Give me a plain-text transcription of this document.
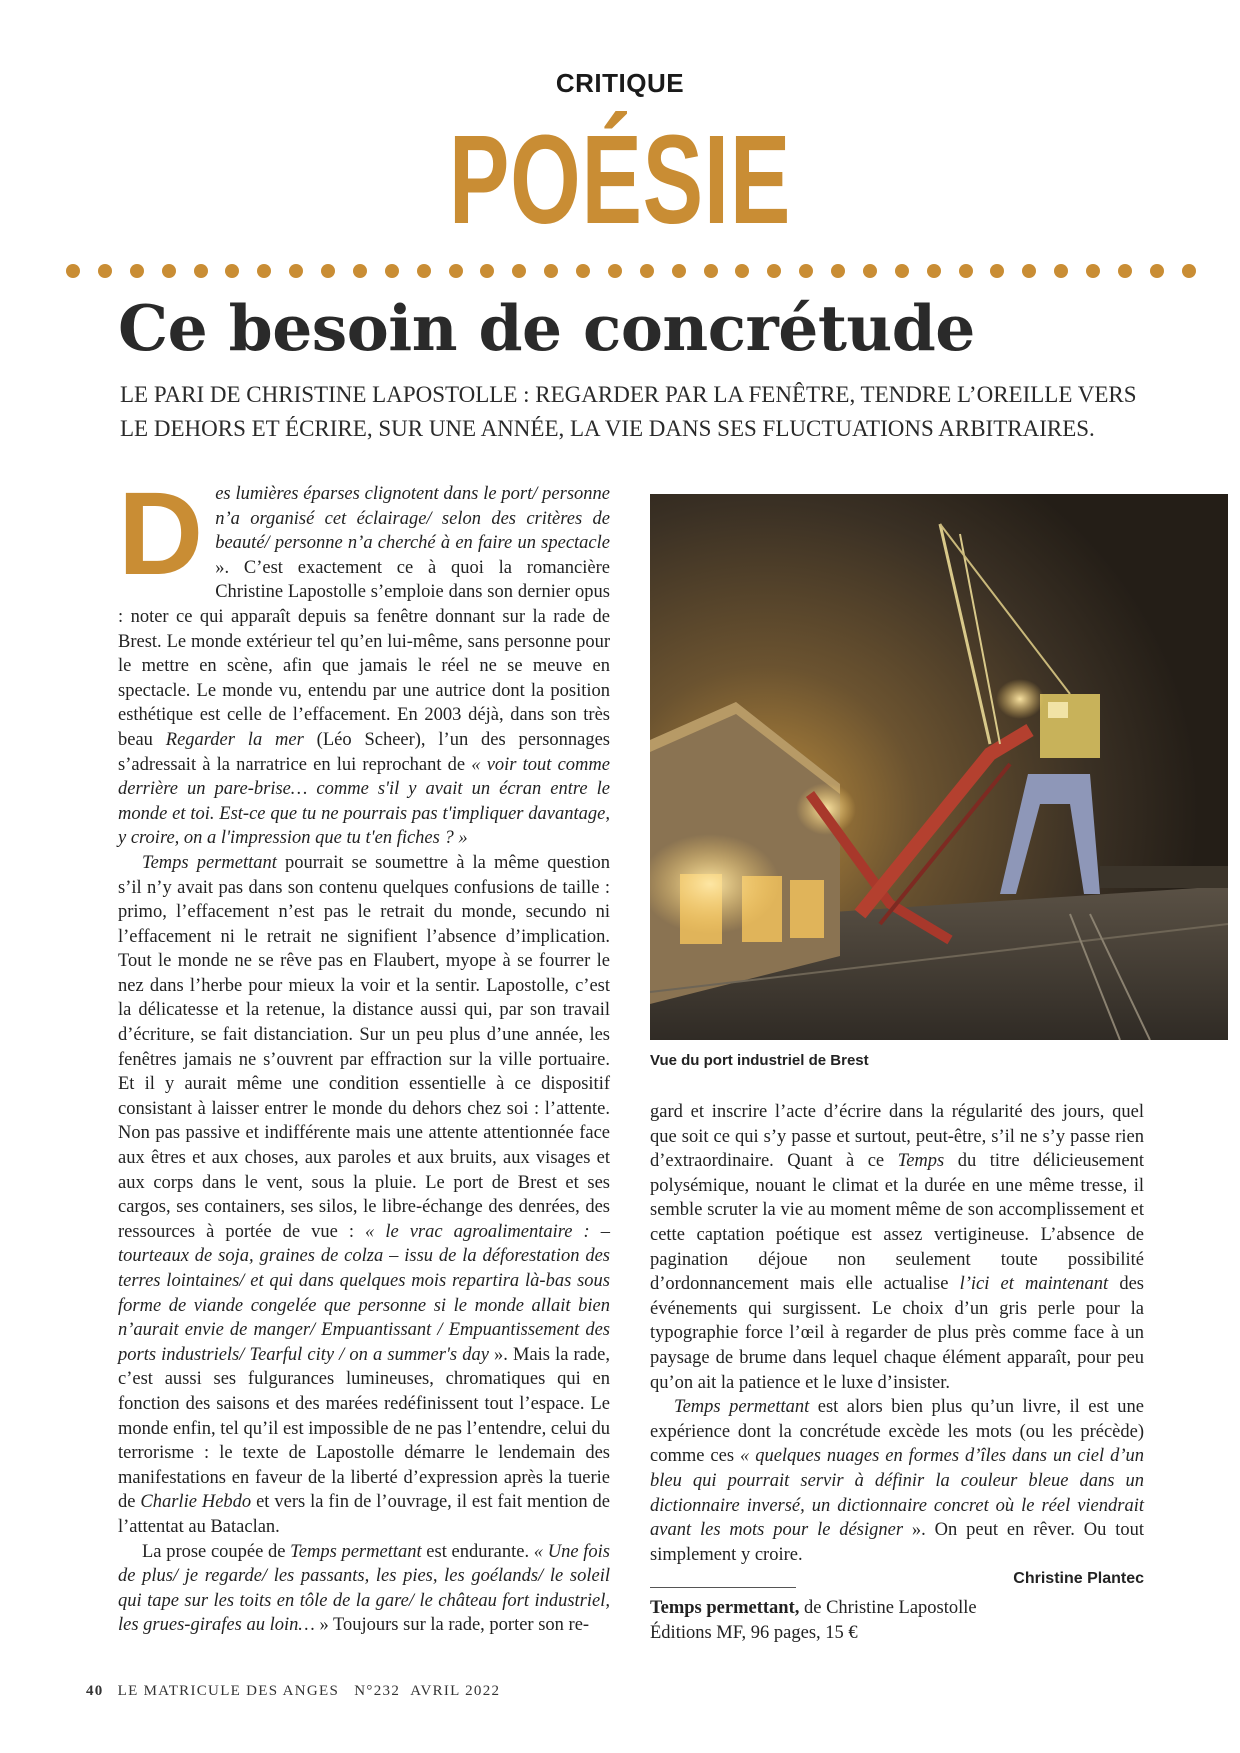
CRITIQUE
POÉSIE
Ce besoin de concrétude
LE PARI DE CHRISTINE LAPOSTOLLE : REGARDER PAR LA FENÊTRE, TENDRE L’OREILLE VERS
LE DEHORS ET ÉCRIRE, SUR UNE ANNÉE, LA VIE DANS SES FLUCTUATIONS ARBITRAIRES.

Des lumières éparses clignotent dans le port/ personne n’a organisé cet éclairage/ selon des critères de beauté/ personne n’a cherché à en faire un spectacle ». C’est exactement ce à quoi la romancière Christine Lapostolle s’emploie dans son dernier opus : noter ce qui apparaît depuis sa fenêtre donnant sur la rade de Brest. Le monde extérieur tel qu’en lui-même, sans personne pour le mettre en scène, afin que jamais le réel ne se meuve en spectacle. Le monde vu, entendu par une autrice dont la position esthétique est celle de l’effacement. En 2003 déjà, dans son très beau Regarder la mer (Léo Scheer), l’un des personnages s’adressait à la narratrice en lui reprochant de « voir tout comme derrière un pare-brise… comme s'il y avait un écran entre le monde et toi. Est-ce que tu ne pourrais pas t'impliquer davantage, y croire, on a l'impression que tu t'en fiches ? »

Temps permettant pourrait se soumettre à la même question s’il n’y avait pas dans son contenu quelques confusions de taille : primo, l’effacement n’est pas le retrait du monde, secundo ni l’effacement ni le retrait ne signifient l’absence d’implication. Tout le monde ne se rêve pas en Flaubert, myope à se fourrer le nez dans l’herbe pour mieux la voir et la sentir. Lapostolle, c’est la délicatesse et la retenue, la distance aussi qui, par son travail d’écriture, se fait distanciation. Sur un peu plus d’une année, les fenêtres jamais ne s’ouvrent par effraction sur la ville portuaire. Et il y aurait même une condition essentielle à ce dispositif consistant à laisser entrer le monde du dehors chez soi : l’attente. Non pas passive et indifférente mais une attente attentionnée face aux êtres et aux choses, aux paroles et aux bruits, aux visages et aux corps dans le vent, sous la pluie. Le port de Brest et ses cargos, ses containers, ses silos, le libre-échange des denrées, des ressources à portée de vue : « le vrac agroalimentaire : – tourteaux de soja, graines de colza – issu de la déforestation des terres lointaines/ et qui dans quelques mois repartira là-bas sous forme de viande congelée que personne si le monde allait bien n’aurait envie de manger/ Empuantissant / Empuantissement des ports industriels/ Tearful city / on a summer's day ». Mais la rade, c’est aussi ses fulgurances lumineuses, chromatiques qui en fonction des saisons et des marées redéfinissent tout l’espace. Le monde enfin, tel qu’il est impossible de ne pas l’entendre, celui du terrorisme : le texte de Lapostolle démarre le lendemain des manifestations en faveur de la liberté d’expression après la tuerie de Charlie Hebdo et vers la fin de l’ouvrage, il est fait mention de l’attentat au Bataclan.

La prose coupée de Temps permettant est endurante. « Une fois de plus/ je regarde/ les passants, les pies, les goélands/ le soleil qui tape sur les toits en tôle de la gare/ le château fort industriel, les grues-girafes au loin… » Toujours sur la rade, porter son re-

Vue du port industriel de Brest

gard et inscrire l’acte d’écrire dans la régularité des jours, quel que soit ce qui s’y passe et surtout, peut-être, s’il ne s’y passe rien d’extraordinaire. Quant à ce Temps du titre délicieusement polysémique, nouant le climat et la durée en une même tresse, il semble scruter la vie au moment même de son accomplissement et cette captation poétique est assez vertigineuse. L’absence de pagination déjoue non seulement toute possibilité d’ordonnancement mais elle actualise l’ici et maintenant des événements qui surgissent. Le choix d’un gris perle pour la typographie force l’œil à regarder de plus près comme face à un paysage de brume dans lequel chaque élément apparaît, pour peu qu’on ait la patience et le luxe d’insister.

Temps permettant est alors bien plus qu’un livre, il est une expérience dont la concrétude excède les mots (ou les précède) comme ces « quelques nuages en formes d’îles dans un ciel d’un bleu qui pourrait servir à définir la couleur bleue dans un dictionnaire inversé, un dictionnaire concret où le réel viendrait avant les mots pour le désigner ». On peut en rêver. Ou tout simplement y croire.

Christine Plantec
Temps permettant, de Christine Lapostolle
Éditions MF, 96 pages, 15 €
40 LE MATRICULE DES ANGES N°232 AVRIL 2022
